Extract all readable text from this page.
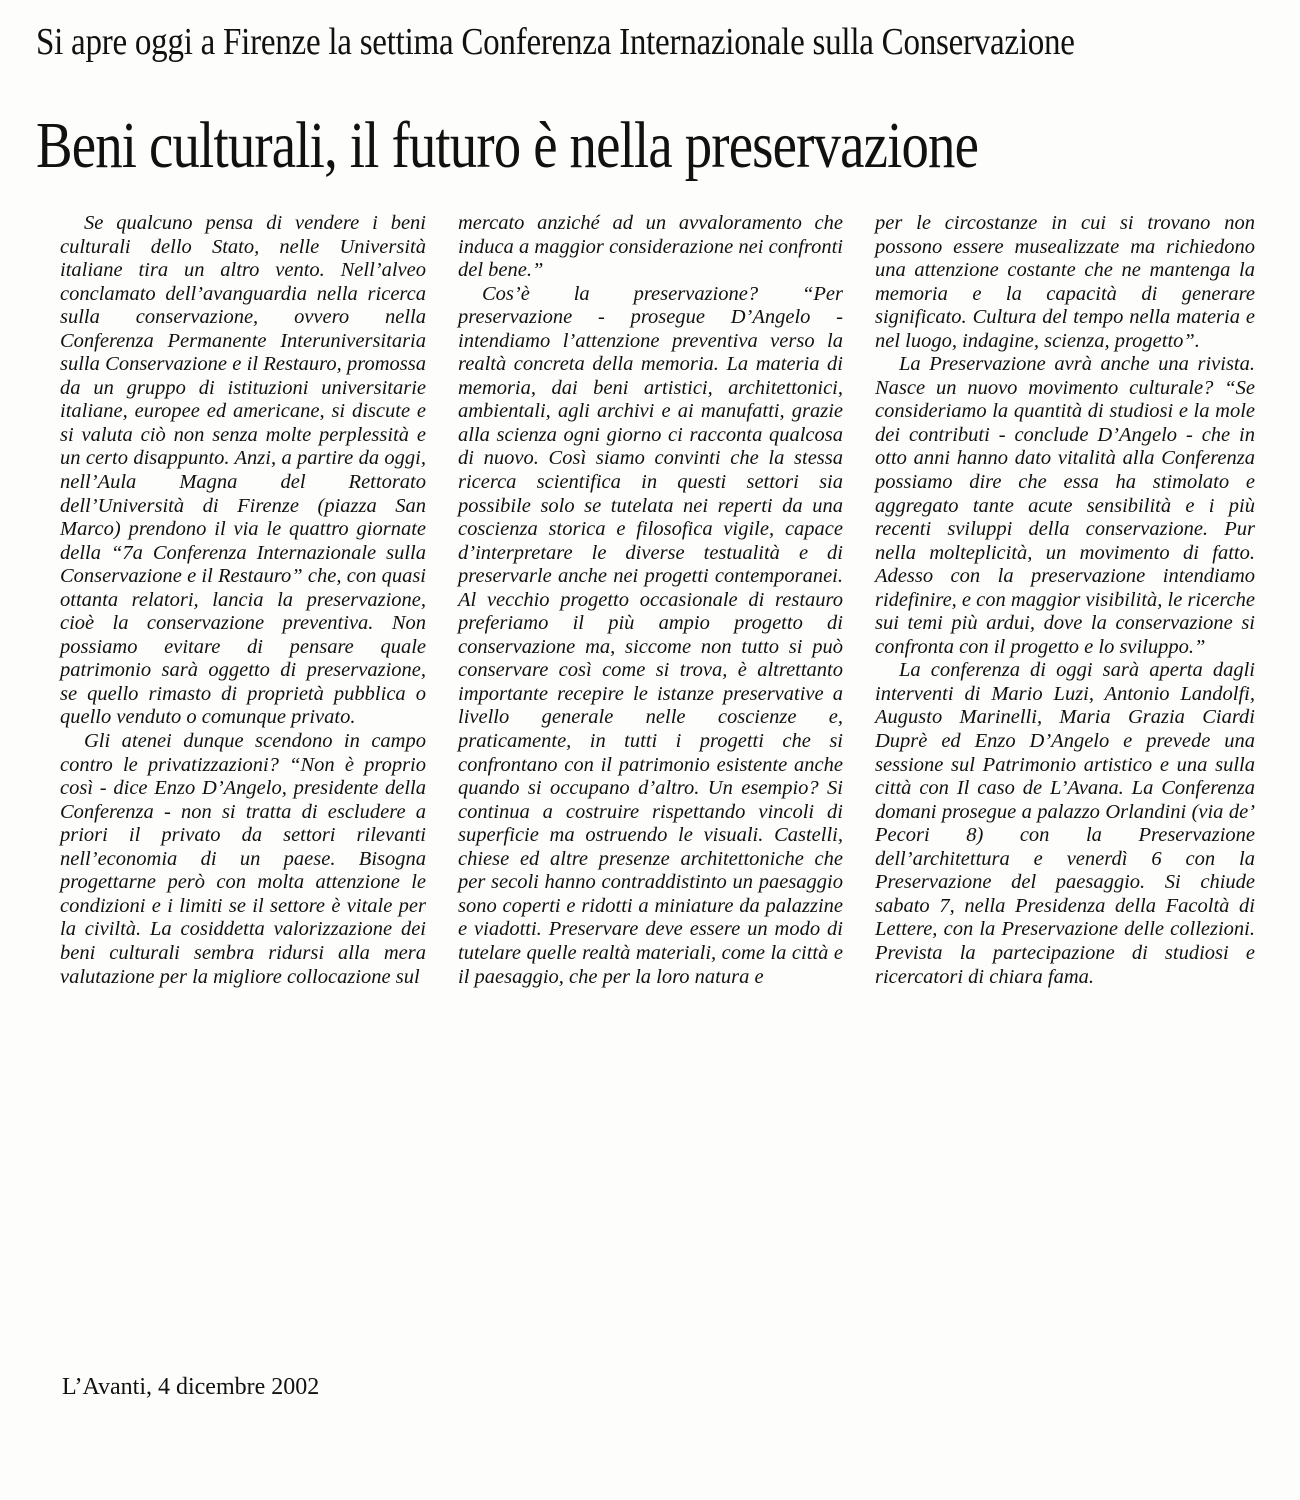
Si apre oggi a Firenze la settima Conferenza Internazionale sulla Conservazione
Beni culturali, il futuro è nella preservazione

Se qualcuno pensa di vendere i beni culturali dello Stato, nelle Università italiane tira un altro vento. Nell’alveo conclamato dell’avanguardia nella ricerca sulla conservazione, ovvero nella Conferenza Permanente Interuniversitaria sulla Conservazione e il Restauro, promossa da un gruppo di istituzioni universitarie italiane, europee ed americane, si discute e si valuta ciò non senza molte perplessità e un certo disappunto. Anzi, a partire da oggi, nell’Aula Magna del Rettorato dell’Università di Firenze (piazza San Marco) prendono il via le quattro giornate della “7a Conferenza Internazionale sulla Conservazione e il Restauro” che, con quasi ottanta relatori, lancia la preservazione, cioè la conservazione preventiva. Non possiamo evitare di pensare quale patrimonio sarà oggetto di preservazione, se quello rimasto di proprietà pubblica o quello venduto o comunque privato.

Gli atenei dunque scendono in campo contro le privatizzazioni? “Non è proprio così - dice Enzo D’Angelo, presidente della Conferenza - non si tratta di escludere a priori il privato da settori rilevanti nell’economia di un paese. Bisogna progettarne però con molta attenzione le condizioni e i limiti se il settore è vitale per la civiltà. La cosiddetta valorizzazione dei beni culturali sembra ridursi alla mera valutazione per la migliore collocazione sul

mercato anziché ad un avvaloramento che induca a maggior considerazione nei confronti del bene.”

Cos’è la preservazione? “Per preservazione - prosegue D’Angelo - intendiamo l’attenzione preventiva verso la realtà concreta della memoria. La materia di memoria, dai beni artistici, architettonici, ambientali, agli archivi e ai manufatti, grazie alla scienza ogni giorno ci racconta qualcosa di nuovo. Così siamo convinti che la stessa ricerca scientifica in questi settori sia possibile solo se tutelata nei reperti da una coscienza storica e filosofica vigile, capace d’interpretare le diverse testualità e di preservarle anche nei progetti contemporanei. Al vecchio progetto occasionale di restauro preferiamo il più ampio progetto di conservazione ma, siccome non tutto si può conservare così come si trova, è altrettanto importante recepire le istanze preservative a livello generale nelle coscienze e, praticamente, in tutti i progetti che si confrontano con il patrimonio esistente anche quando si occupano d’altro. Un esempio? Si continua a costruire rispettando vincoli di superficie ma ostruendo le visuali. Castelli, chiese ed altre presenze architettoniche che per secoli hanno contraddistinto un paesaggio sono coperti e ridotti a miniature da palazzine e viadotti. Preservare deve essere un modo di tutelare quelle realtà materiali, come la città e il paesaggio, che per la loro natura e

per le circostanze in cui si trovano non possono essere musealizzate ma richiedono una attenzione costante che ne mantenga la memoria e la capacità di generare significato. Cultura del tempo nella materia e nel luogo, indagine, scienza, progetto”.

La Preservazione avrà anche una rivista. Nasce un nuovo movimento culturale? “Se consideriamo la quantità di studiosi e la mole dei contributi - conclude D’Angelo - che in otto anni hanno dato vitalità alla Conferenza possiamo dire che essa ha stimolato e aggregato tante acute sensibilità e i più recenti sviluppi della conservazione. Pur nella molteplicità, un movimento di fatto. Adesso con la preservazione intendiamo ridefinire, e con maggior visibilità, le ricerche sui temi più ardui, dove la conservazione si confronta con il progetto e lo sviluppo.”

La conferenza di oggi sarà aperta dagli interventi di Mario Luzi, Antonio Landolfi, Augusto Marinelli, Maria Grazia Ciardi Duprè ed Enzo D’Angelo e prevede una sessione sul Patrimonio artistico e una sulla città con Il caso de L’Avana. La Conferenza domani prosegue a palazzo Orlandini (via de’ Pecori 8) con la Preservazione dell’architettura e venerdì 6 con la Preservazione del paesaggio. Si chiude sabato 7, nella Presidenza della Facoltà di Lettere, con la Preservazione delle collezioni. Prevista la partecipazione di studiosi e ricercatori di chiara fama.

L’Avanti, 4 dicembre 2002
